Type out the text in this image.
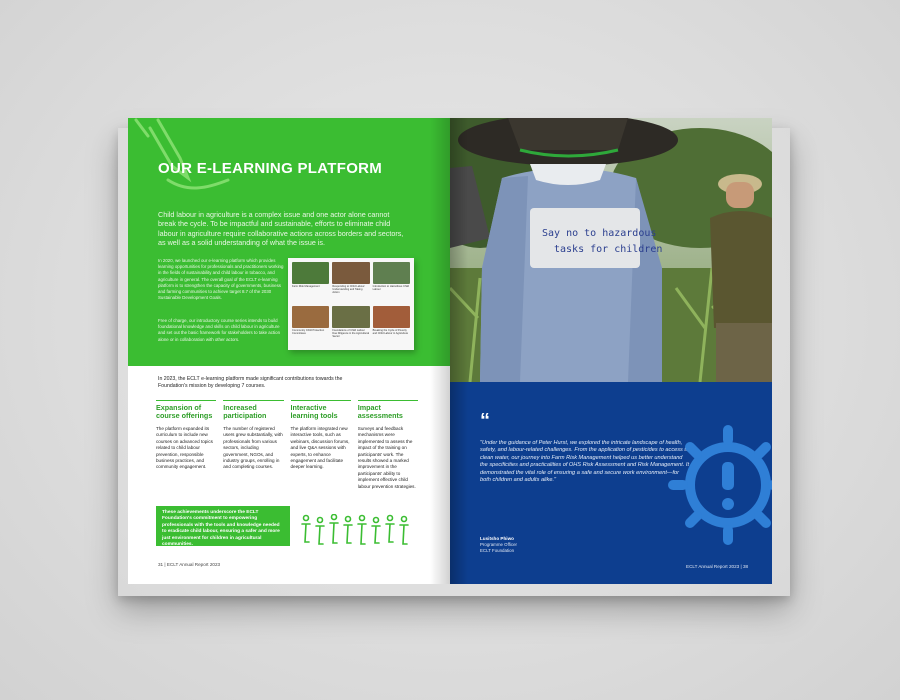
OUR E-LEARNING PLATFORM
Child labour in agriculture is a complex issue and one actor alone cannot break the cycle. To be impactful and sustainable, efforts to eliminate child labour in agriculture require collaborative actions across borders and sectors, as well as a solid understanding of what the issue is.
In 2020, we launched our e-learning platform which provides learning opportunities for professionals and practitioners working in the fields of sustainability and child labour in tobacco, and agriculture in general. The overall goal of the ECLT e-learning platform is to strengthen the capacity of governments, business and farming communities to achieve target 8.7 of the 2030 Sustainable Development Goals.
Free of charge, our introductory course series intends to build foundational knowledge and skills on child labour in agriculture and set out the basic framework for stakeholders to take action alone or in collaboration with other actors.
Farm Risk Management	Responding to Child Labour: Understanding and Taking Action
Introduction to Hazardous Child Labour
Community Child Protection Committees
Foundations of Child Labour Due Diligence in the Agricultural Sector
Breaking the Cycle of Poverty and Child Labour in Agriculture
In 2023, the ECLT e-learning platform made significant contributions towards the Foundation's mission by developing 7 courses.
Expansion of course offerings
The platform expanded its curriculum to include new courses on advanced topics related to child labour prevention, responsible business practices, and community engagement.
Increased participation
The number of registered users grew substantially, with professionals from various sectors, including government, NGOs, and industry groups, enrolling in and completing courses.
Interactive learning tools
The platform integrated new interactive tools, such as webinars, discussion forums, and live Q&A sessions with experts, to enhance engagement and facilitate deeper learning.
Impact assessments
Surveys and feedback mechanisms were implemented to assess the impact of the training on participants' work. The results showed a marked improvement in the participants' ability to implement effective child labour prevention strategies.
These achievements underscore the ECLT Foundation's commitment to empowering professionals with the tools and knowledge needed to eradicate child labour, ensuring a safer and more just environment for children in agricultural communities.
31 | ECLT Annual Report 2023
Say no to hazardous
tasks for children
“
"Under the guidance of Peter Hurst, we explored the intricate landscape of health, safety, and labour-related challenges. From the application of pesticides to access to clean water, our journey into Farm Risk Management helped us better understand the specificities and practicalities of OHS Risk Assessment and Risk Management. It demonstrated the vital role of ensuring a safe and secure work environment—for both children and adults alike."
Lusitsho Phiwo
Programme Officer
ECLT Foundation
ECLT Annual Report 2023 | 38
